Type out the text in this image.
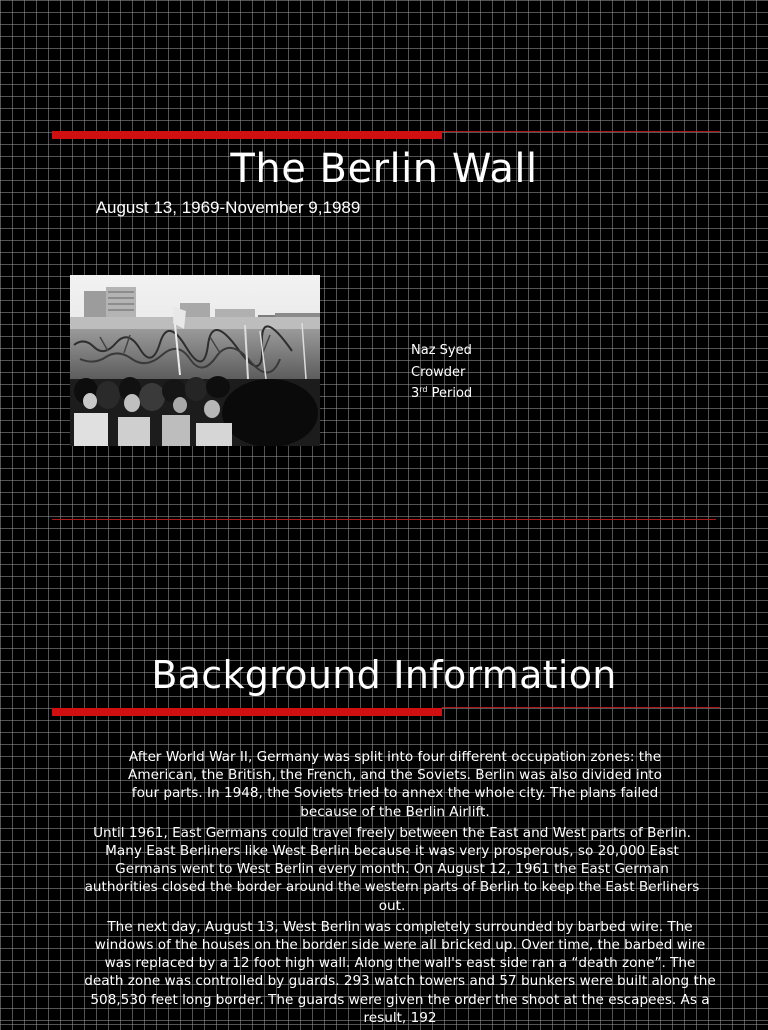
The Berlin Wall
August 13, 1969-November 9,1989
Naz Syed
Crowder
3rd Period
Background Information

After World War II, Germany was split into four different occupation zones: the American, the British, the French, and the Soviets. Berlin was also divided into four parts. In 1948, the Soviets tried to annex the whole city. The plans failed because of the Berlin Airlift.

Until 1961, East Germans could travel freely between the East and West parts of Berlin. Many East Berliners like West Berlin because it was very prosperous, so 20,000 East Germans went to West Berlin every month. On August 12, 1961 the East German authorities closed the border around the western parts of Berlin to keep the East Berliners out.

The next day, August 13, West Berlin was completely surrounded by barbed wire. The windows of the houses on the border side were all bricked up. Over time, the barbed wire was replaced by a 12 foot high wall. Along the wall's east side ran a “death zone”. The death zone was controlled by guards. 293 watch towers and 57 bunkers were built along the 508,530 feet long border. The guards were given the order the shoot at the escapees. As a result, 192
